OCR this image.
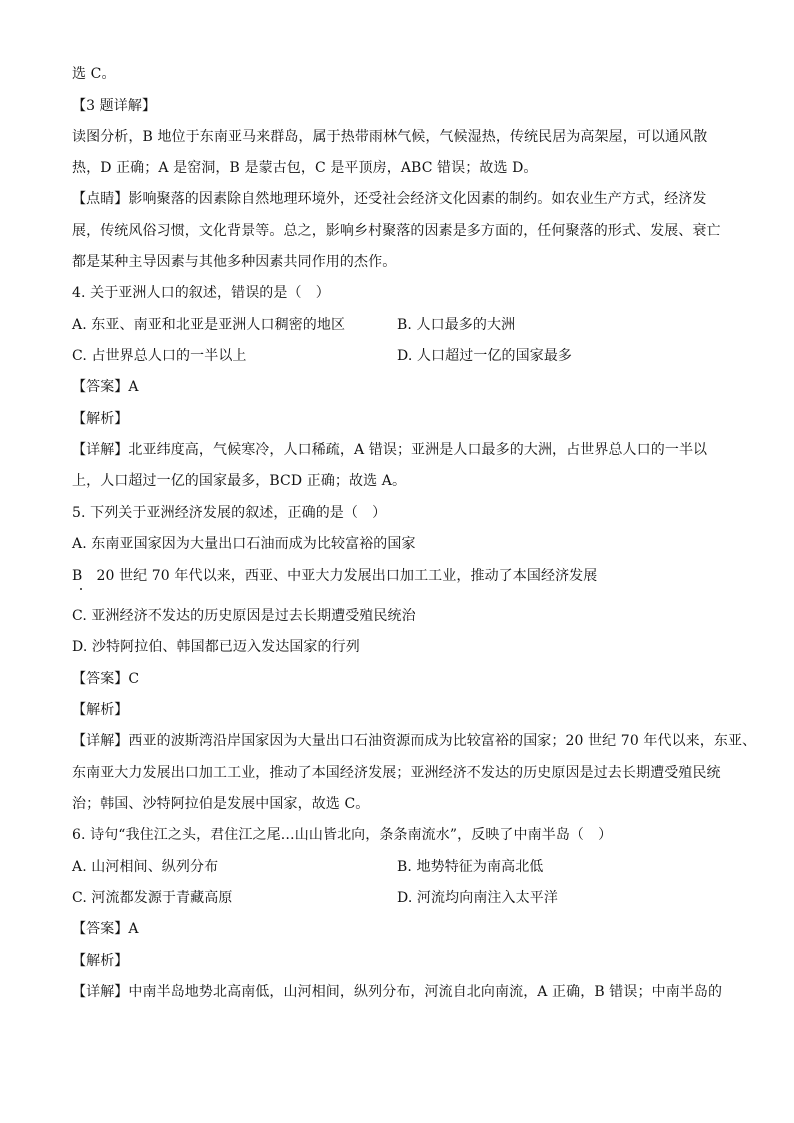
选 C。
【3 题详解】
读图分析，B 地位于东南亚马来群岛，属于热带雨林气候，气候湿热，传统民居为高架屋，可以通风散
热，D 正确；A 是窑洞，B 是蒙古包，C 是平顶房，ABC 错误；故选 D。
【点睛】影响聚落的因素除自然地理环境外，还受社会经济文化因素的制约。如农业生产方式，经济发
展，传统风俗习惯，文化背景等。总之，影响乡村聚落的因素是多方面的，任何聚落的形式、发展、衰亡
都是某种主导因素与其他多种因素共同作用的杰作。
4. 关于亚洲人口的叙述，错误的是（　）
A. 东亚、南亚和北亚是亚洲人口稠密的地区	B. 人口最多的大洲
C. 占世界总人口的一半以上	D. 人口超过一亿的国家最多
【答案】A
【解析】
【详解】北亚纬度高，气候寒冷，人口稀疏，A 错误；亚洲是人口最多的大洲，占世界总人口的一半以
上，人口超过一亿的国家最多，BCD 正确；故选 A。
5. 下列关于亚洲经济发展的叙述，正确的是（　）
A. 东南亚国家因为大量出口石油而成为比较富裕的国家
B　20 世纪 70 年代以来，西亚、中亚大力发展出口加工工业，推动了本国经济发展
C. 亚洲经济不发达的历史原因是过去长期遭受殖民统治
D. 沙特阿拉伯、韩国都已迈入发达国家的行列
【答案】C
【解析】
【详解】西亚的波斯湾沿岸国家因为大量出口石油资源而成为比较富裕的国家；20 世纪 70 年代以来，东亚、
东南亚大力发展出口加工工业，推动了本国经济发展；亚洲经济不发达的历史原因是过去长期遭受殖民统
治；韩国、沙特阿拉伯是发展中国家，故选 C。
6. 诗句“我住江之头，君住江之尾…山山皆北向，条条南流水”，反映了中南半岛（　）
A. 山河相间、纵列分布	B. 地势特征为南高北低
C. 河流都发源于青藏高原	D. 河流均向南注入太平洋
【答案】A
【解析】
【详解】中南半岛地势北高南低，山河相间，纵列分布，河流自北向南流，A 正确，B 错误；中南半岛的
